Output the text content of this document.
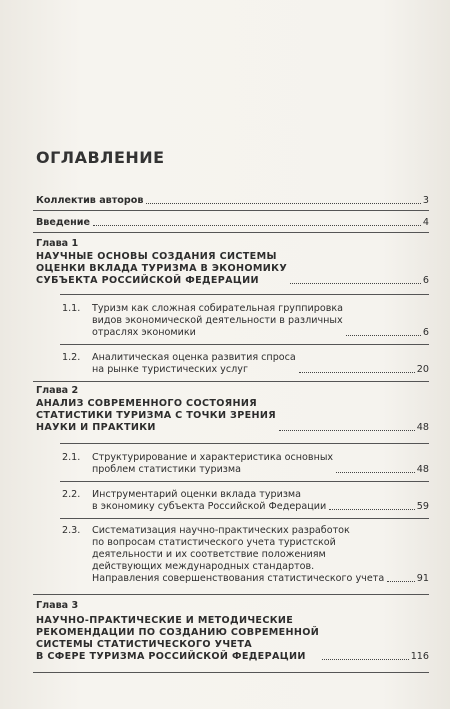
ОГЛАВЛЕНИЕ
Коллектив авторов	3
Введение	4
Глава 1
НАУЧНЫЕ ОСНОВЫ СОЗДАНИЯ СИСТЕМЫ
ОЦЕНКИ ВКЛАДА ТУРИЗМА В ЭКОНОМИКУ
СУБЪЕКТА РОССИЙСКОЙ ФЕДЕРАЦИИ	6
1.1. Туризм как сложная собирательная группировка
видов экономической деятельности в различных
отраслях экономики	6
1.2. Аналитическая оценка развития спроса
на рынке туристических услуг	20
Глава 2
АНАЛИЗ СОВРЕМЕННОГО СОСТОЯНИЯ
СТАТИСТИКИ ТУРИЗМА С ТОЧКИ ЗРЕНИЯ
НАУКИ И ПРАКТИКИ	48
2.1. Структурирование и характеристика основных
проблем статистики туризма	48
2.2. Инструментарий оценки вклада туризма
в экономику субъекта Российской Федерации	59
2.3. Систематизация научно-практических разработок
по вопросам статистического учета туристской
деятельности и их соответствие положениям
действующих международных стандартов.
Направления совершенствования статистического учета	91
Глава 3
НАУЧНО-ПРАКТИЧЕСКИЕ И МЕТОДИЧЕСКИЕ
РЕКОМЕНДАЦИИ ПО СОЗДАНИЮ СОВРЕМЕННОЙ
СИСТЕМЫ СТАТИСТИЧЕСКОГО УЧЕТА
В СФЕРЕ ТУРИЗМА РОССИЙСКОЙ ФЕДЕРАЦИИ	116
